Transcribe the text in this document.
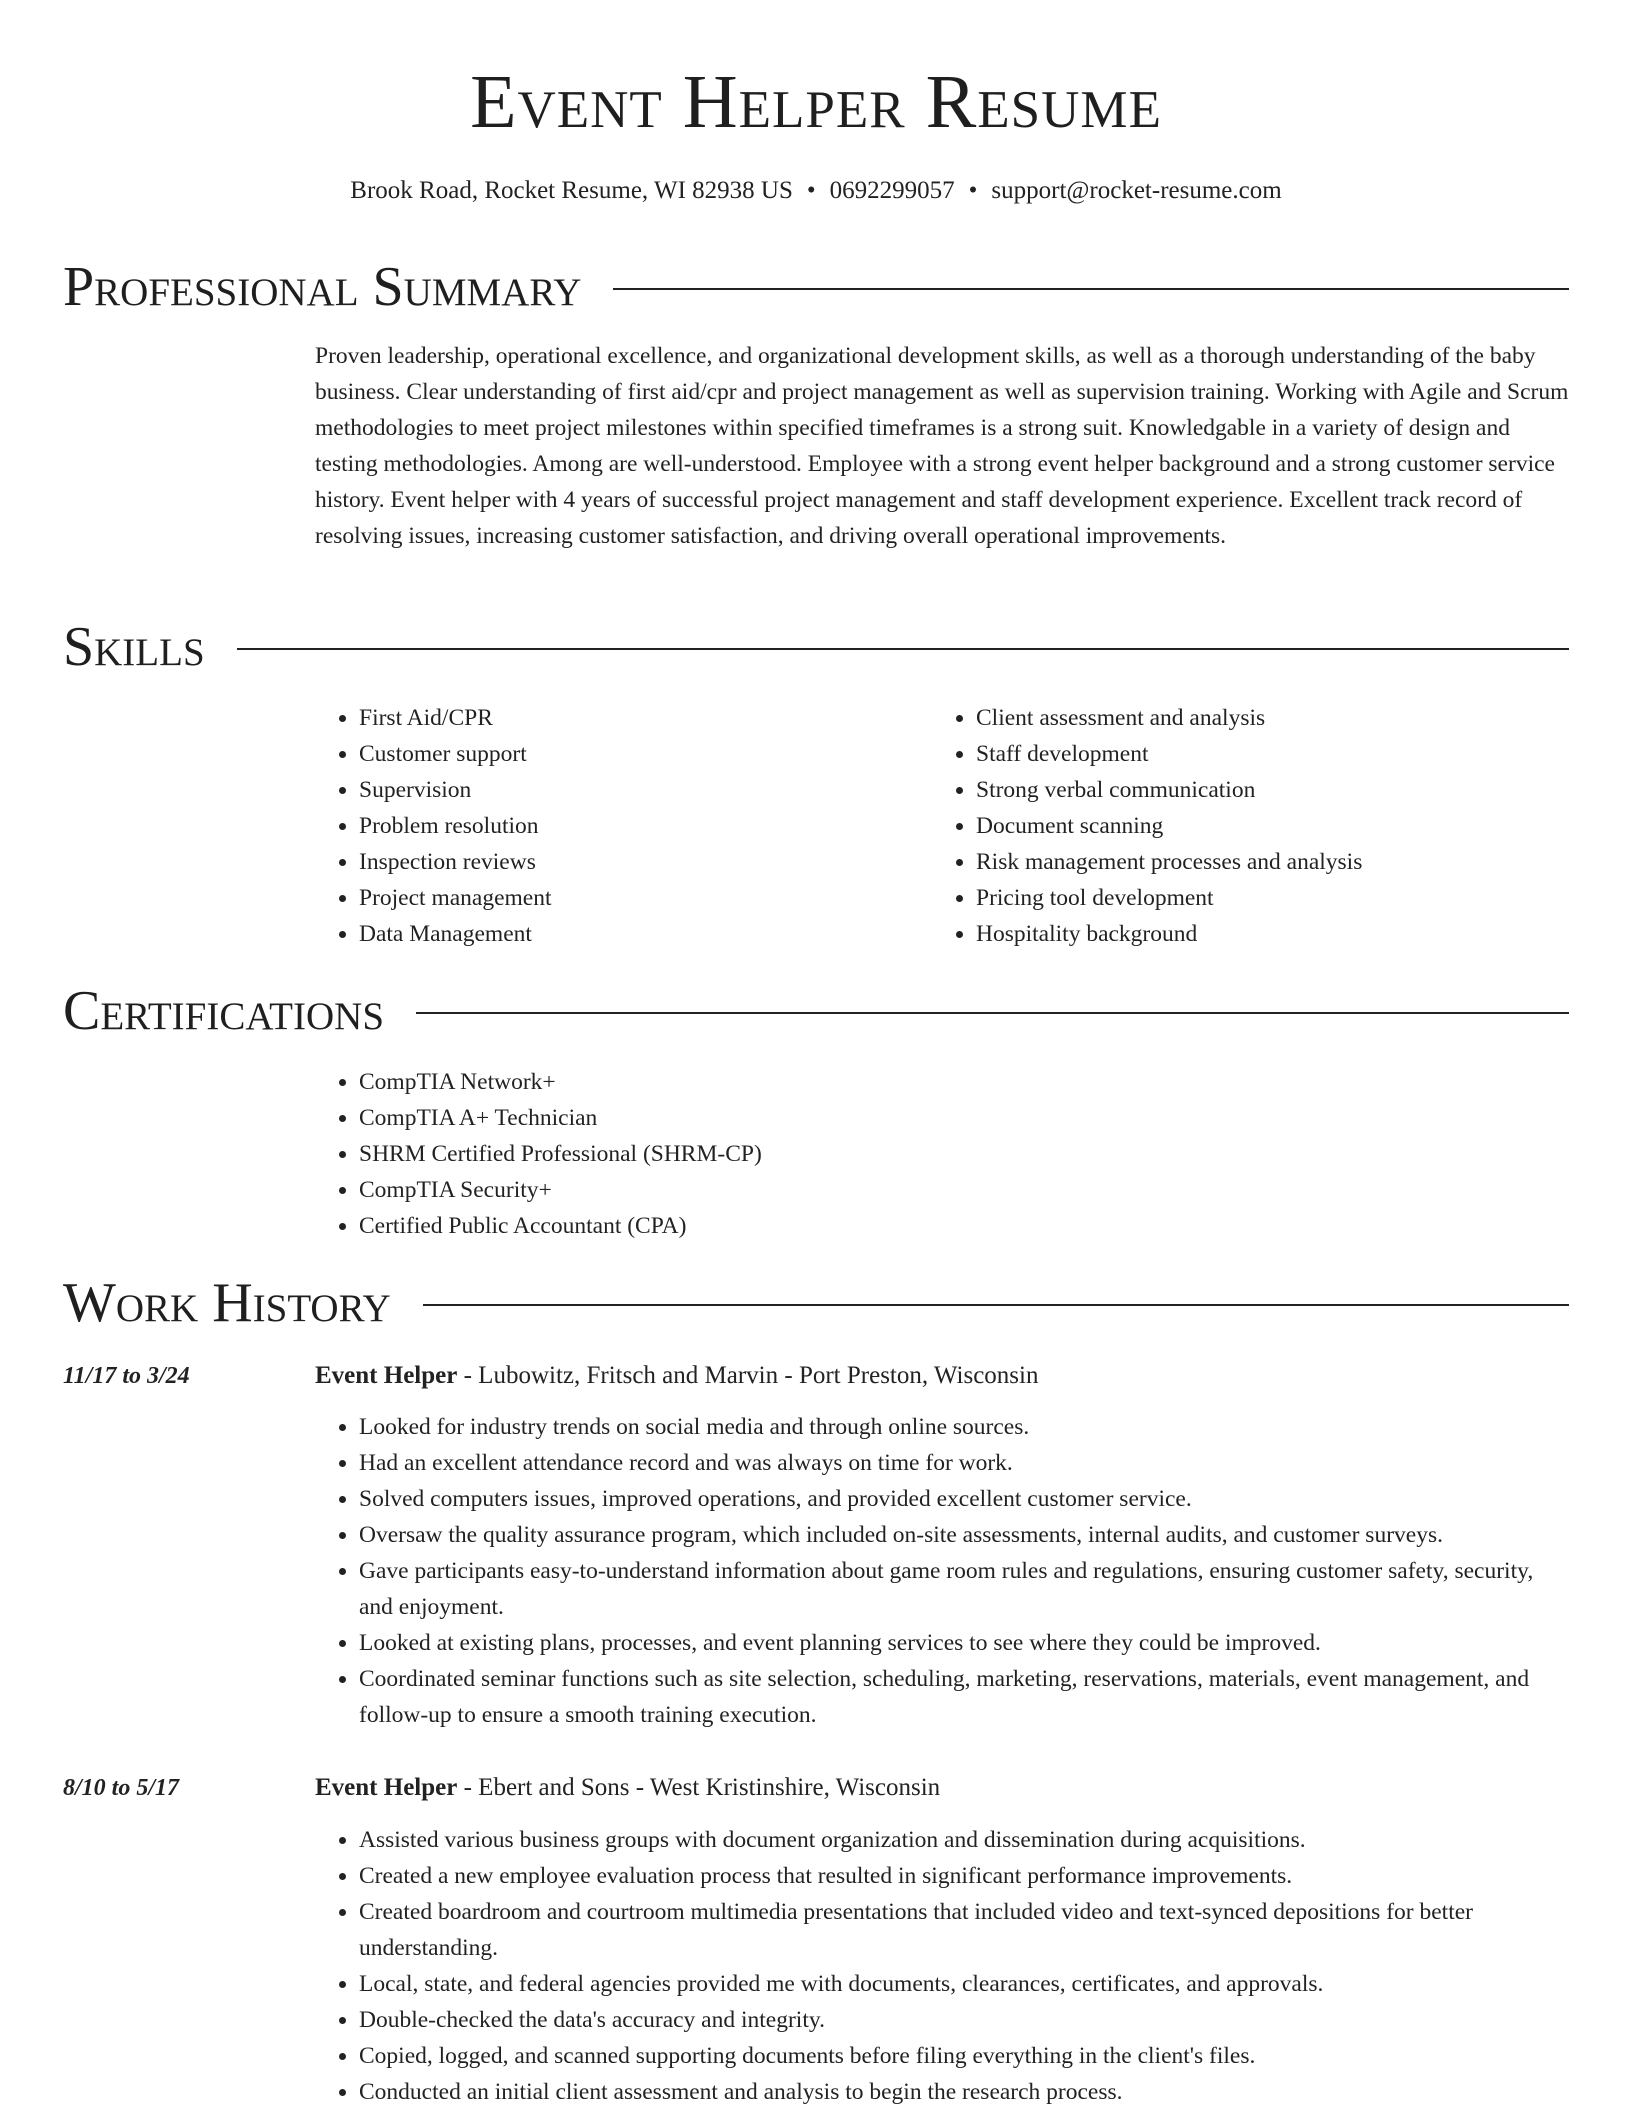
Event Helper Resume
Brook Road, Rocket Resume, WI 82938 US • 0692299057 • support@rocket-resume.com
Professional Summary

Proven leadership, operational excellence, and organizational development skills, as well as a thorough understanding of the baby business. Clear understanding of first aid/cpr and project management as well as supervision training. Working with Agile and Scrum methodologies to meet project milestones within specified timeframes is a strong suit. Knowledgable in a variety of design and testing methodologies. Among are well-understood. Employee with a strong event helper background and a strong customer service history. Event helper with 4 years of successful project management and staff development experience. Excellent track record of resolving issues, increasing customer satisfaction, and driving overall operational improvements.

Skills
• First Aid/CPR
• Customer support
• Supervision
• Problem resolution
• Inspection reviews
• Project management
• Data Management
• Client assessment and analysis
• Staff development
• Strong verbal communication
• Document scanning
• Risk management processes and analysis
• Pricing tool development
• Hospitality background
Certifications
• CompTIA Network+
• CompTIA A+ Technician
• SHRM Certified Professional (SHRM-CP)
• CompTIA Security+
• Certified Public Accountant (CPA)
Work History
11/17 to 3/24	Event Helper - Lubowitz, Fritsch and Marvin - Port Preston, Wisconsin
• Looked for industry trends on social media and through online sources.
• Had an excellent attendance record and was always on time for work.
• Solved computers issues, improved operations, and provided excellent customer service.
• Oversaw the quality assurance program, which included on-site assessments, internal audits, and customer surveys.
• Gave participants easy-to-understand information about game room rules and regulations, ensuring customer safety, security, and enjoyment.
• Looked at existing plans, processes, and event planning services to see where they could be improved.
• Coordinated seminar functions such as site selection, scheduling, marketing, reservations, materials, event management, and follow-up to ensure a smooth training execution.
8/10 to 5/17	Event Helper - Ebert and Sons - West Kristinshire, Wisconsin
• Assisted various business groups with document organization and dissemination during acquisitions.
• Created a new employee evaluation process that resulted in significant performance improvements.
• Created boardroom and courtroom multimedia presentations that included video and text-synced depositions for better understanding.
• Local, state, and federal agencies provided me with documents, clearances, certificates, and approvals.
• Double-checked the data's accuracy and integrity.
• Copied, logged, and scanned supporting documents before filing everything in the client's files.
• Conducted an initial client assessment and analysis to begin the research process.
